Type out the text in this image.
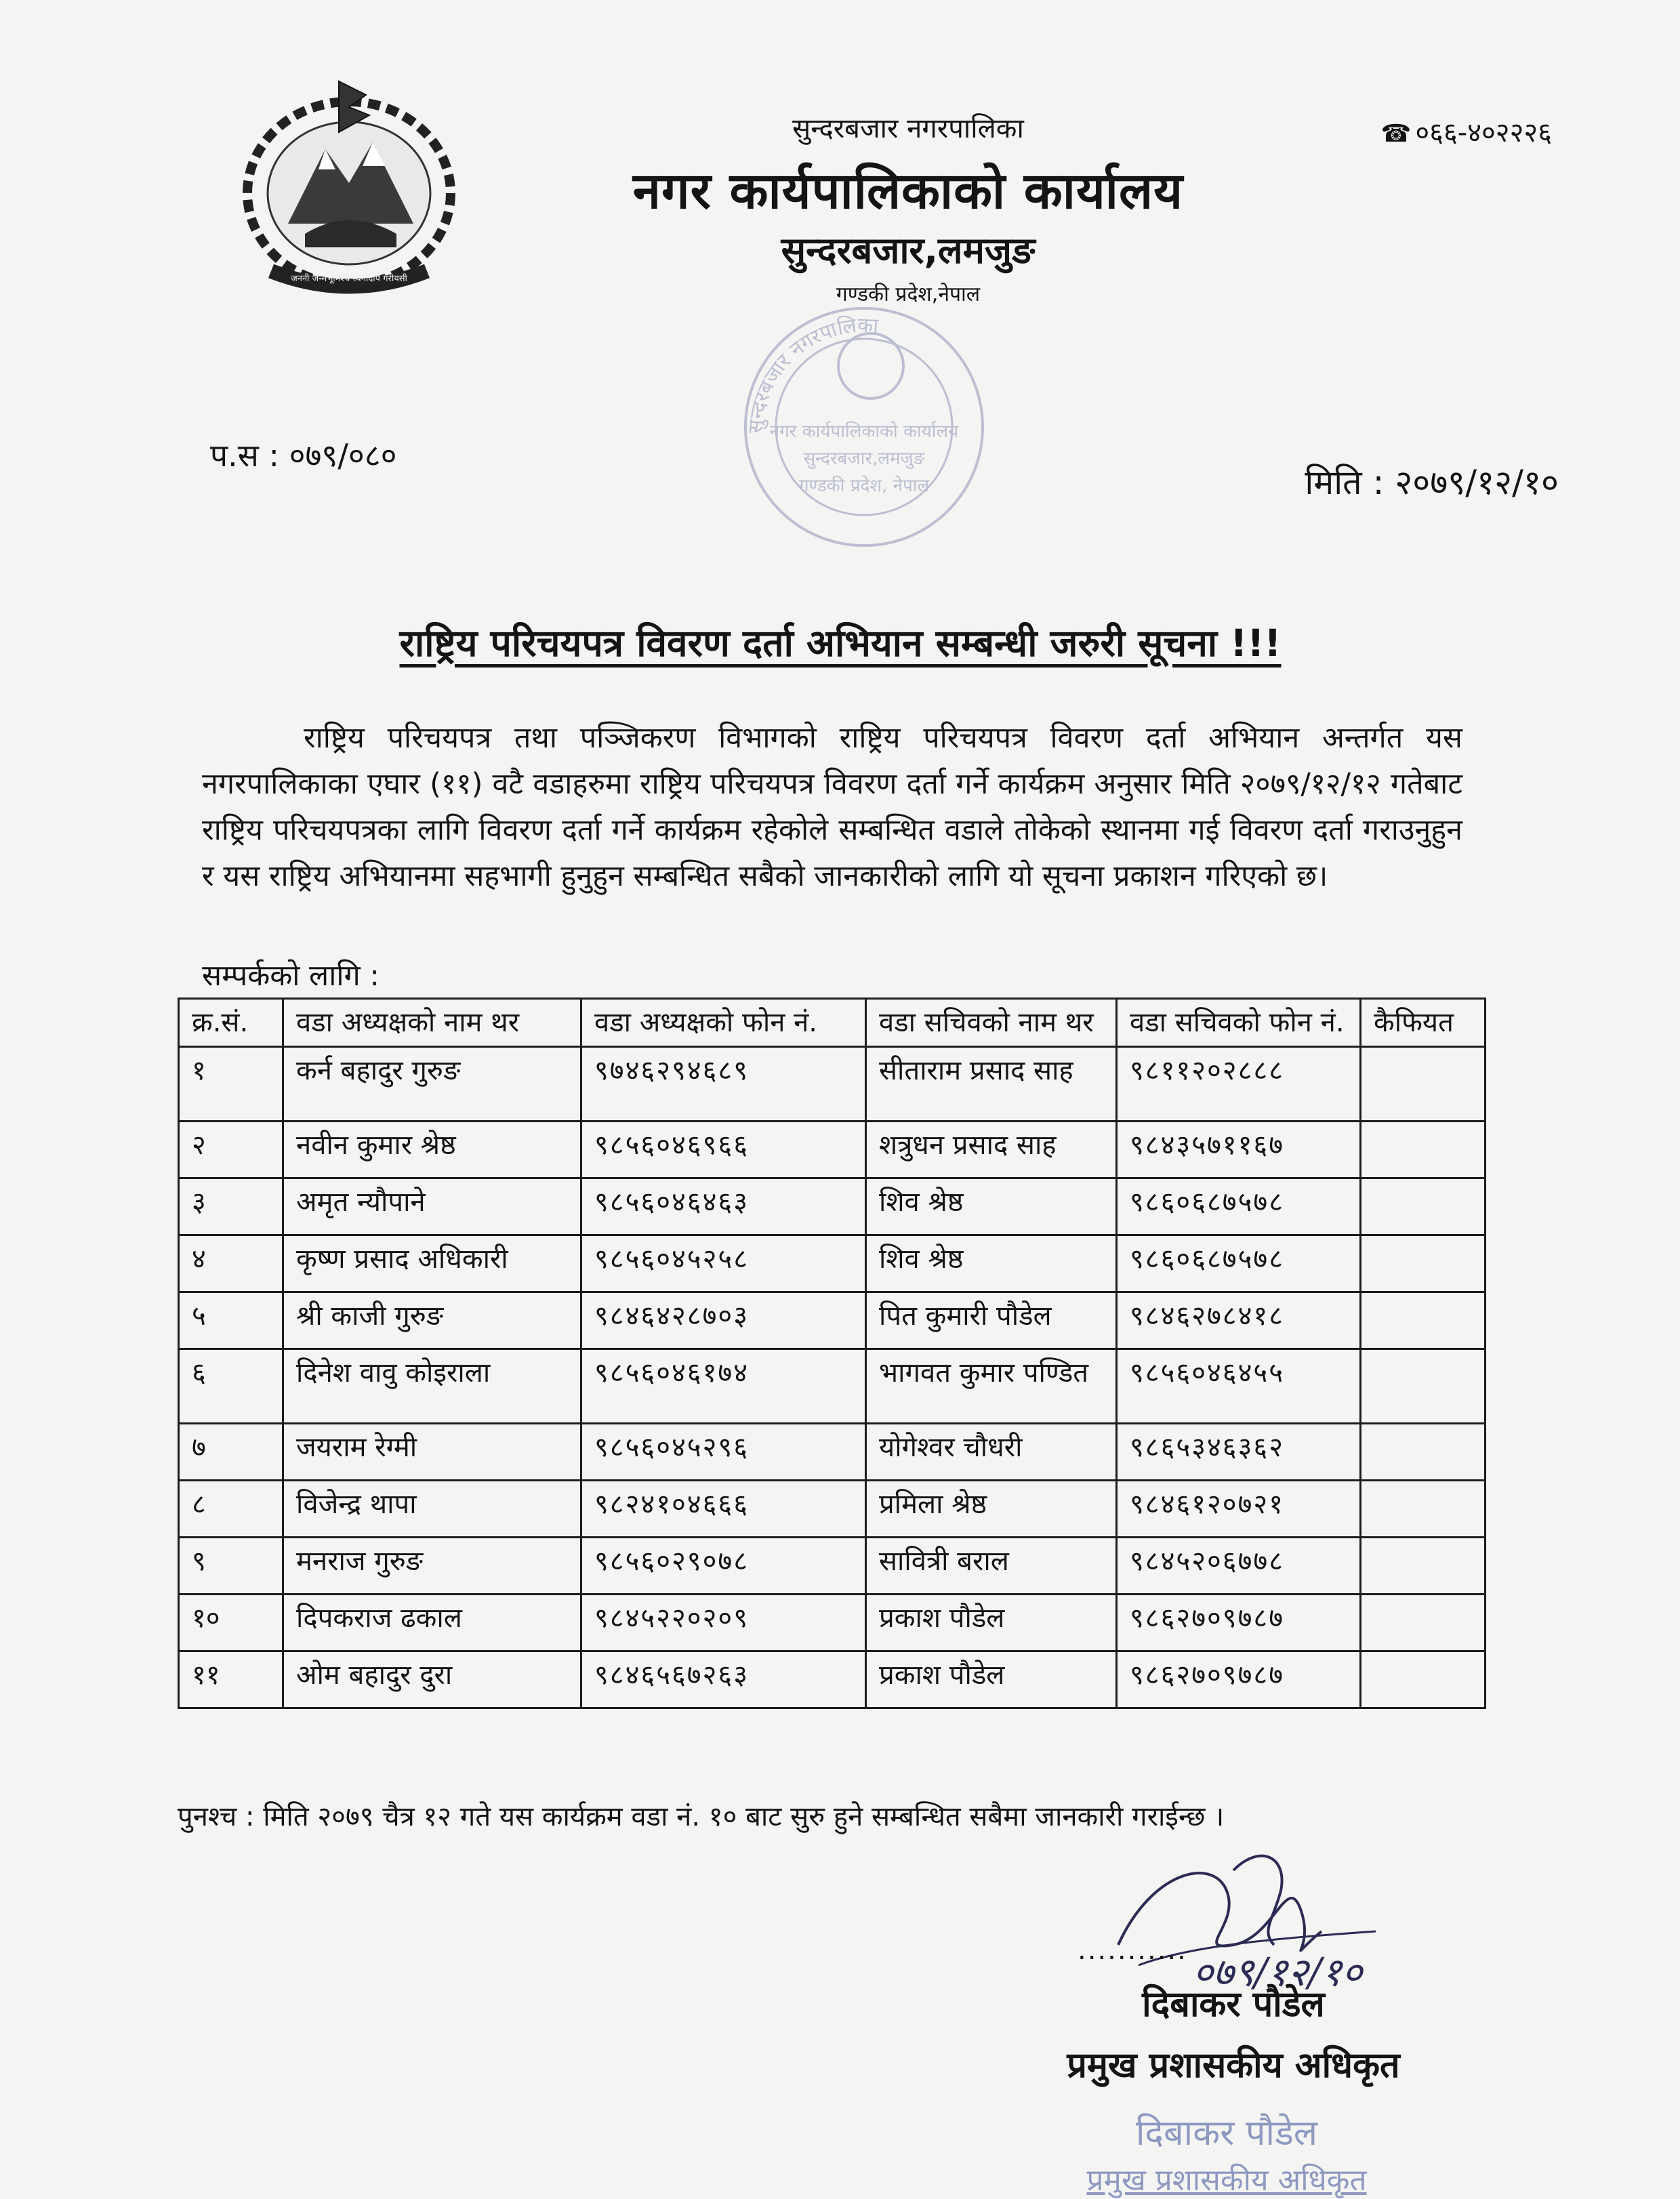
जननी जन्मभूमिश्च स्वर्गादपि गरीयसी
सुन्दरबजार नगरपालिका
नगर कार्यपालिकाको कार्यालय
सुन्दरबजार,लमजुङ
गण्डकी प्रदेश,नेपाल
☎ ०६६-४०२२२६
सुन्दरबजार नगरपालिका
नगर कार्यपालिकाको कार्यालय
सुन्दरबजार,लमजुङ
गण्डकी प्रदेश, नेपाल
प.स : ०७९/०८०
मिति : २०७९/१२/१०
राष्ट्रिय परिचयपत्र विवरण दर्ता अभियान सम्बन्धी जरुरी सूचना !!!
राष्ट्रिय परिचयपत्र तथा पञ्जिकरण विभागको राष्ट्रिय परिचयपत्र विवरण दर्ता अभियान अन्तर्गत यस नगरपालिकाका एघार (११) वटै वडाहरुमा राष्ट्रिय परिचयपत्र विवरण दर्ता गर्ने कार्यक्रम अनुसार मिति २०७९/१२/१२ गतेबाट राष्ट्रिय परिचयपत्रका लागि विवरण दर्ता गर्ने कार्यक्रम रहेकोले सम्बन्धित वडाले तोकेको स्थानमा गई विवरण दर्ता गराउनुहुन र यस राष्ट्रिय अभियानमा सहभागी हुनुहुन सम्बन्धित सबैको जानकारीको लागि यो सूचना प्रकाशन गरिएको छ।
सम्पर्कको लागि :
क्र.सं.	वडा अध्यक्षको नाम थर	वडा अध्यक्षको फोन नं.	वडा सचिवको नाम थर	वडा सचिवको फोन नं.	कैफियत
१	कर्न बहादुर गुरुङ	९७४६२९४६८९	सीताराम प्रसाद साह	९८११२०२८८८	
२	नवीन कुमार श्रेष्ठ	९८५६०४६९६६	शत्रुधन प्रसाद साह	९८४३५७११६७	
३	अमृत न्यौपाने	९८५६०४६४६३	शिव श्रेष्ठ	९८६०६८७५७८	
४	कृष्ण प्रसाद अधिकारी	९८५६०४५२५८	शिव श्रेष्ठ	९८६०६८७५७८	
५	श्री काजी गुरुङ	९८४६४२८७०३	पित कुमारी पौडेल	९८४६२७८४१८	
६	दिनेश वावु कोइराला	९८५६०४६१७४	भागवत कुमार पण्डित	९८५६०४६४५५	
७	जयराम रेग्मी	९८५६०४५२९६	योगेश्वर चौधरी	९८६५३४६३६२	
८	विजेन्द्र थापा	९८२४१०४६६६	प्रमिला श्रेष्ठ	९८४६१२०७२१	
९	मनराज गुरुङ	९८५६०२९०७८	सावित्री बराल	९८४५२०६७७८	
१०	दिपकराज ढकाल	९८४५२२०२०९	प्रकाश पौडेल	९८६२७०९७८७	
११	ओम बहादुर दुरा	९८४६५६७२६३	प्रकाश पौडेल	९८६२७०९७८७	
पुनश्च : मिति २०७९ चैत्र १२ गते यस कार्यक्रम वडा नं. १० बाट सुरु हुने सम्बन्धित सबैमा जानकारी गराईन्छ ।
०७९/१२/१०
...........
दिबाकर पौडेल
प्रमुख प्रशासकीय अधिकृत
दिबाकर पौडेल
प्रमुख प्रशासकीय अधिकृत
